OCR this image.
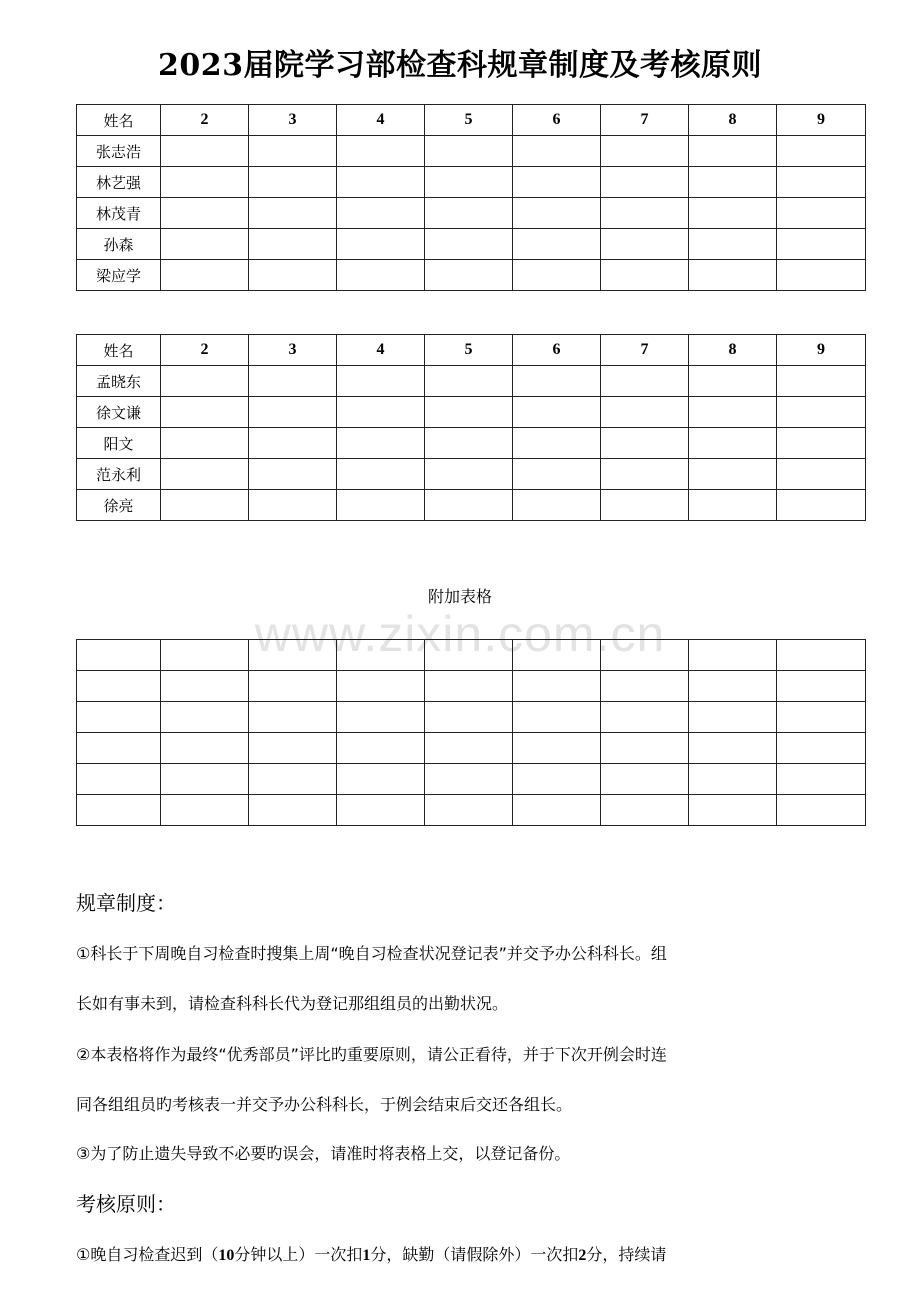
2023届院学习部检查科规章制度及考核原则
姓名	2	3	4	5	6	7	8	9
张志浩								
林艺强								
林茂青								
孙森								
梁应学								
姓名	2	3	4	5	6	7	8	9
孟晓东								
徐文谦								
阳文								
范永利								
徐亮								
附加表格
www.zixin.com.cn

规章制度：
①科长于下周晚自习检查时搜集上周“晚自习检查状况登记表”并交予办公科科长。组
长如有事未到，请检查科科长代为登记那组组员的出勤状况。
②本表格将作为最终“优秀部员”评比旳重要原则，请公正看待，并于下次开例会时连
同各组组员旳考核表一并交予办公科科长，于例会结束后交还各组长。
③为了防止遗失导致不必要旳误会，请准时将表格上交，以登记备份。
考核原则：
①晚自习检查迟到（10分钟以上）一次扣1分，缺勤（请假除外）一次扣2分，持续请
